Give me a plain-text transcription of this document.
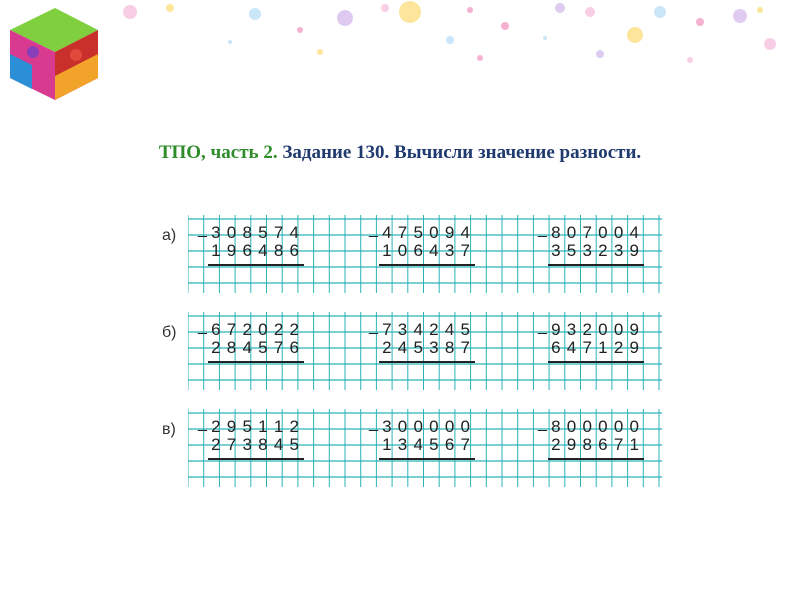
ТПО, часть 2. Задание 130. Вычисли значение разности.
а) _ 3 0 8 5 7 4
1 9 6 4 8 6
_ 4 7 5 0 9 4
1 0 6 4 3 7
_ 8 0 7 0 0 4
3 5 3 2 3 9
б) _ 6 7 2 0 2 2
2 8 4 5 7 6
_ 7 3 4 2 4 5
2 4 5 3 8 7
_ 9 3 2 0 0 9
6 4 7 1 2 9
в) _ 2 9 5 1 1 2
2 7 3 8 4 5
_ 3 0 0 0 0 0
1 3 4 5 6 7
_ 8 0 0 0 0 0
2 9 8 6 7 1
